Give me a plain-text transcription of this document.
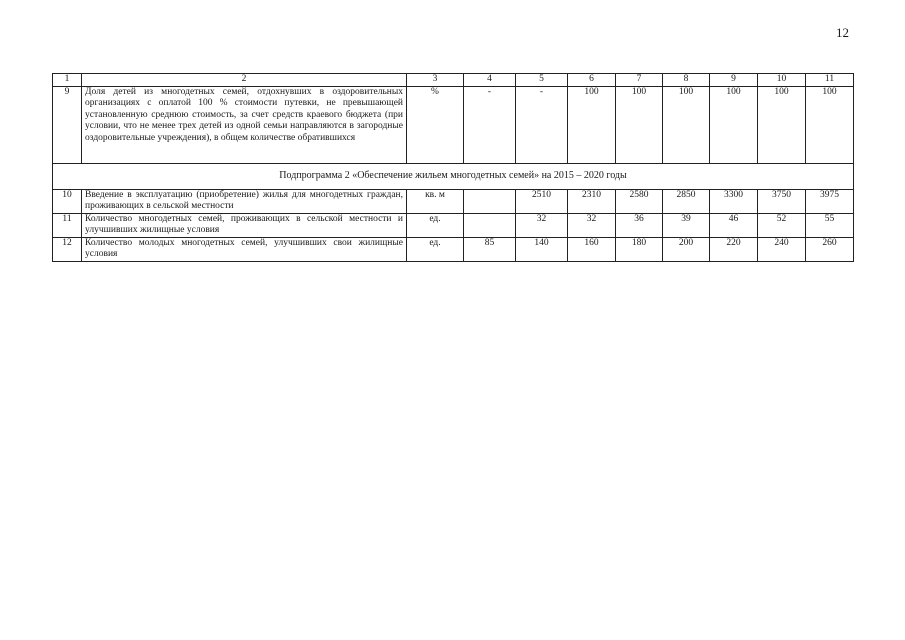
12
1	2	3	4	5	6	7	8	9	10	11
9	Доля детей из многодетных семей, отдохнувших в оздоровительных организациях с оплатой 100 % стоимости путевки, не превышающей установленную среднюю стоимость, за счет средств краевого бюджета (при условии, что не менее трех детей из одной семьи направляются в загородные оздоровительные учреждения), в общем количестве обратившихся	%	-	-	100	100	100	100	100	100
Подпрограмма 2 «Обеспечение жильем многодетных семей» на 2015 – 2020 годы										
10	Введение в эксплуатацию (приобретение) жилья для многодетных граждан, проживающих в сельской местности	кв. м		2510	2310	2580	2850	3300	3750	3975
11	Количество многодетных семей, проживающих в сельской местности и улучшивших жилищные условия	ед.		32	32	36	39	46	52	55
12	Количество молодых многодетных семей, улучшивших свои жилищные условия	ед.	85	140	160	180	200	220	240	260
